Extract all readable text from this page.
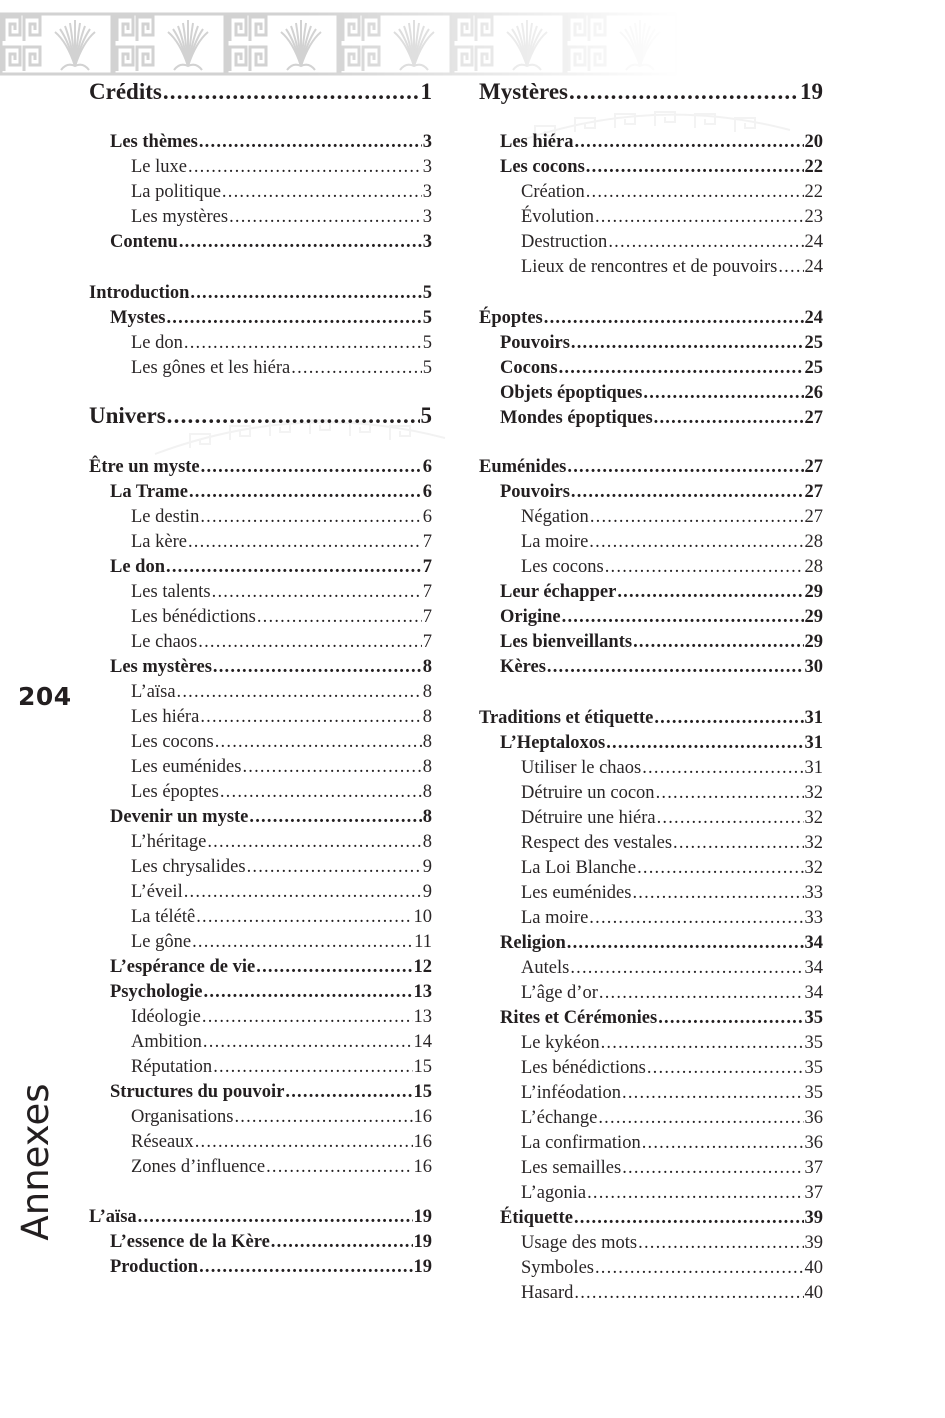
204
Annexes
Crédits .....	1
Les thèmes .....	3
Le luxe .....	3
La politique .....	3
Les mystères .....	3
Contenu .....	3
Introduction .....	5
Mystes .....	5
Le don .....	5
Les gônes et les hiéra .....	5
Univers .....	5
Être un myste .....	6
La Trame .....	6
Le destin .....	6
La kère .....	7
Le don .....	7
Les talents .....	7
Les bénédictions .....	7
Le chaos .....	7
Les mystères .....	8
L’aïsa .....	8
Les hiéra .....	8
Les cocons .....	8
Les euménides .....	8
Les époptes .....	8
Devenir un myste .....	8
L’héritage .....	8
Les chrysalides .....	9
L’éveil .....	9
La télétê .....	10
Le gône .....	11
L’espérance de vie .....	12
Psychologie .....	13
Idéologie .....	13
Ambition .....	14
Réputation .....	15
Structures du pouvoir .....	15
Organisations .....	16
Réseaux .....	16
Zones d’influence .....	16
L’aïsa .....	19
L’essence de la Kère .....	19
Production .....	19
Mystères .....	19
Les hiéra .....	20
Les cocons .....	22
Création .....	22
Évolution .....	23
Destruction .....	24
Lieux de rencontres et de pouvoirs ..... 24
Époptes .....	24
Pouvoirs .....	25
Cocons .....	25
Objets époptiques .....	26
Mondes époptiques .....	27
Euménides .....	27
Pouvoirs .....	27
Négation .....	27
La moire .....	28
Les cocons .....	28
Leur échapper .....	29
Origine .....	29
Les bienveillants .....	29
Kères .....	30
Traditions et étiquette .....	31
L’Heptaloxos .....	31
Utiliser le chaos .....	31
Détruire un cocon .....	32
Détruire une hiéra .....	32
Respect des vestales .....	32
La Loi Blanche .....	32
Les euménides .....	33
La moire .....	33
Religion .....	34
Autels .....	34
L’âge d’or .....	34
Rites et Cérémonies .....	35
Le kykéon .....	35
Les bénédictions .....	35
L’inféodation .....	35
L’échange .....	36
La confirmation .....	36
Les semailles .....	37
L’agonia .....	37
Étiquette .....	39
Usage des mots .....	39
Symboles .....	40
Hasard .....	40
